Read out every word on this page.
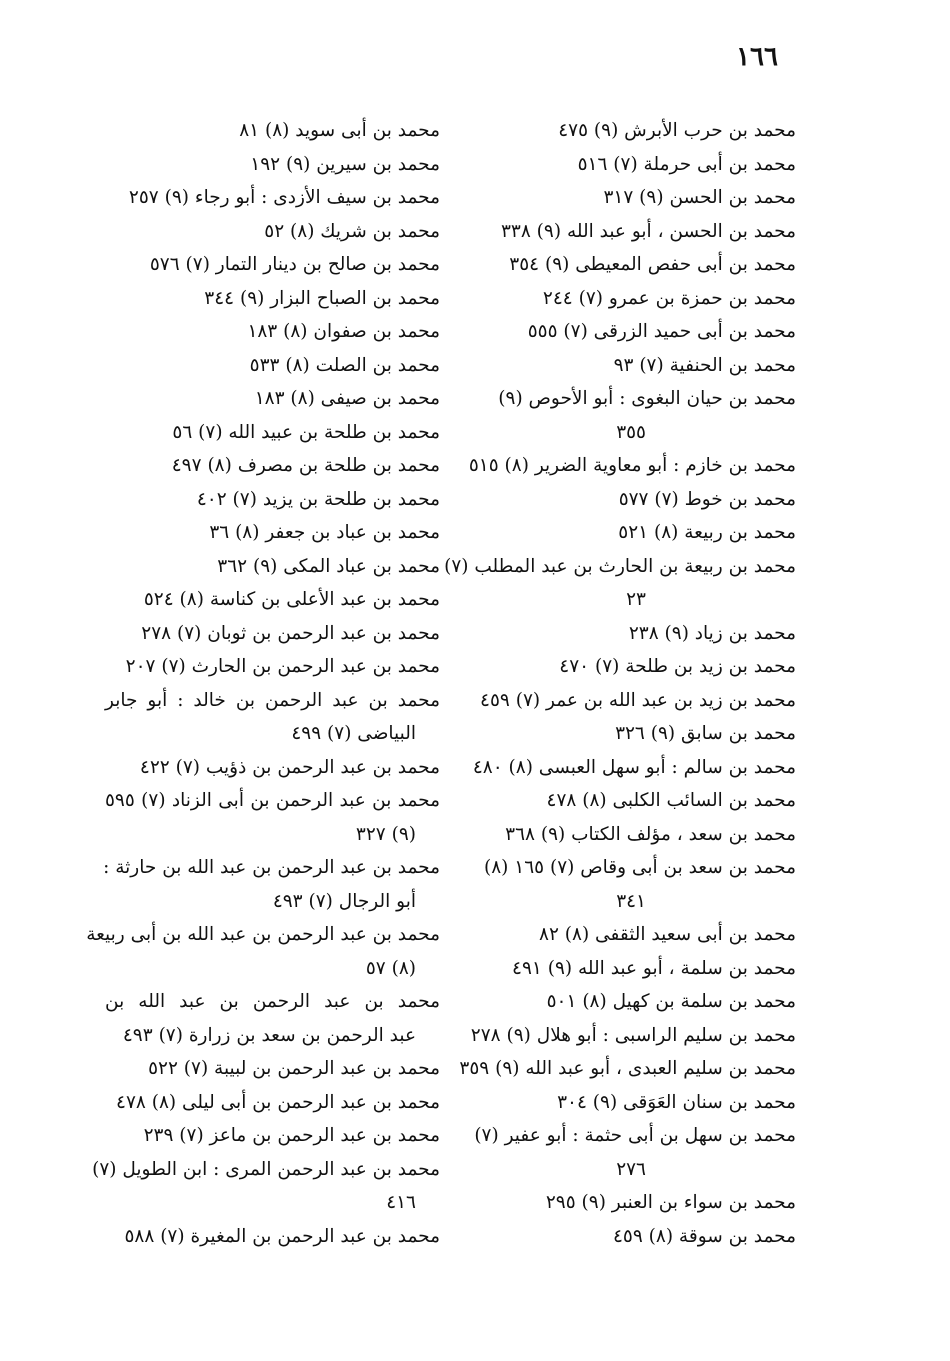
١٦٦
محمد بن حرب الأبرش (٩) ٤٧٥
محمد بن أبى حرملة (٧) ٥١٦
محمد بن الحسن (٩) ٣١٧
محمد بن الحسن ، أبو عبد الله (٩) ٣٣٨
محمد بن أبى حفص المعيطى (٩) ٣٥٤
محمد بن حمزة بن عمرو (٧) ٢٤٤
محمد بن أبى حميد الزرقى (٧) ٥٥٥
محمد بن الحنفية (٧) ٩٣
محمد بن حيان البغوى : أبو الأحوص (٩)
٣٥٥
محمد بن خازم : أبو معاوية الضرير (٨) ٥١٥
محمد بن خوط (٧) ٥٧٧
محمد بن ربيعة (٨) ٥٢١
محمد بن ربيعة بن الحارث بن عبد المطلب (٧)
٢٣
محمد بن زياد (٩) ٢٣٨
محمد بن زيد بن طلحة (٧) ٤٧٠
محمد بن زيد بن عبد الله بن عمر (٧) ٤٥٩
محمد بن سابق (٩) ٣٢٦
محمد بن سالم : أبو سهل العبسى (٨) ٤٨٠
محمد بن السائب الكلبى (٨) ٤٧٨
محمد بن سعد ، مؤلف الكتاب (٩) ٣٦٨
محمد بن سعد بن أبى وقاص (٧) ١٦٥ (٨)
٣٤١
محمد بن أبى سعيد الثقفى (٨) ٨٢
محمد بن سلمة ، أبو عبد الله (٩) ٤٩١
محمد بن سلمة بن كهيل (٨) ٥٠١
محمد بن سليم الراسبى : أبو هلال (٩) ٢٧٨
محمد بن سليم العبدى ، أبو عبد الله (٩) ٣٥٩
محمد بن سنان العَوَقى (٩) ٣٠٤
محمد بن سهل بن أبى حثمة : أبو عفير (٧)
٢٧٦
محمد بن سواء بن العنبر (٩) ٢٩٥
محمد بن سوقة (٨) ٤٥٩
محمد بن أبى سويد (٨) ٨١
محمد بن سيرين (٩) ١٩٢
محمد بن سيف الأزدى : أبو رجاء (٩) ٢٥٧
محمد بن شريك (٨) ٥٢
محمد بن صالح بن دينار التمار (٧) ٥٧٦
محمد بن الصباح البزار (٩) ٣٤٤
محمد بن صفوان (٨) ١٨٣
محمد بن الصلت (٨) ٥٣٣
محمد بن صيفى (٨) ١٨٣
محمد بن طلحة بن عبيد الله (٧) ٥٦
محمد بن طلحة بن مصرف (٨) ٤٩٧
محمد بن طلحة بن يزيد (٧) ٤٠٢
محمد بن عباد بن جعفر (٨) ٣٦
محمد بن عباد المكى (٩) ٣٦٢
محمد بن عبد الأعلى بن كناسة (٨) ٥٢٤
محمد بن عبد الرحمن بن ثوبان (٧) ٢٧٨
محمد بن عبد الرحمن بن الحارث (٧) ٢٠٧
محمد بن عبد الرحمن بن خالد : أبو جابر
البياضى (٧) ٤٩٩
محمد بن عبد الرحمن بن ذؤيب (٧) ٤٢٢
محمد بن عبد الرحمن بن أبى الزناد (٧) ٥٩٥
(٩) ٣٢٧
محمد بن عبد الرحمن بن عبد الله بن حارثة :
أبو الرجال (٧) ٤٩٣
محمد بن عبد الرحمن بن عبد الله بن أبى ربيعة
(٨) ٥٧
محمد بن عبد الرحمن بن عبد الله بن
عبد الرحمن بن سعد بن زرارة (٧) ٤٩٣
محمد بن عبد الرحمن بن لبيبة (٧) ٥٢٢
محمد بن عبد الرحمن بن أبى ليلى (٨) ٤٧٨
محمد بن عبد الرحمن بن ماعز (٧) ٢٣٩
محمد بن عبد الرحمن المرى : ابن الطويل (٧)
٤١٦
محمد بن عبد الرحمن بن المغيرة (٧) ٥٨٨
